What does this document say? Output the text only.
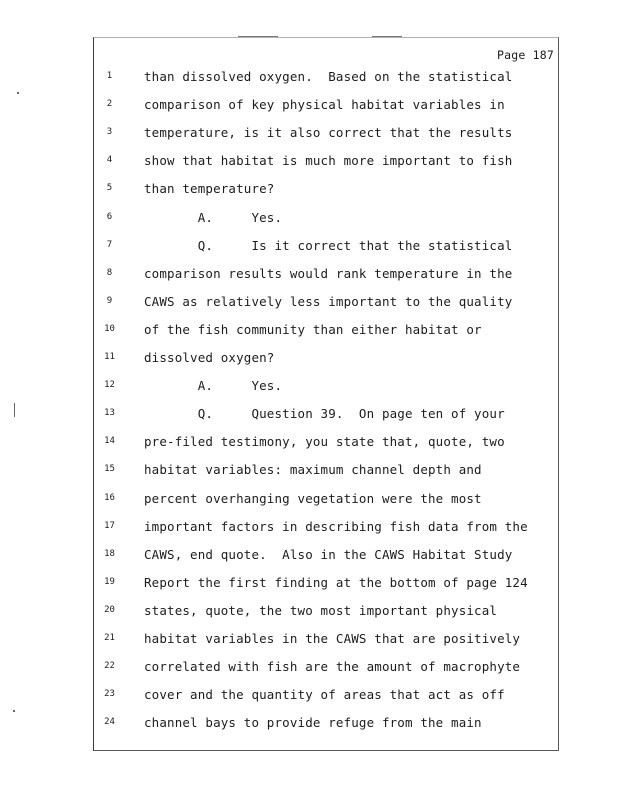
Page 187
1	than dissolved oxygen.  Based on the statistical
2	comparison of key physical habitat variables in
3	temperature, is it also correct that the results
4	show that habitat is much more important to fish
5	than temperature?
6	A.     Yes.
7	Q.     Is it correct that the statistical
8	comparison results would rank temperature in the
9	CAWS as relatively less important to the quality
10	of the fish community than either habitat or
11	dissolved oxygen?
12	A.     Yes.
13	Q.     Question 39.  On page ten of your
14	pre-filed testimony, you state that, quote, two
15	habitat variables: maximum channel depth and
16	percent overhanging vegetation were the most
17	important factors in describing fish data from the
18	CAWS, end quote.  Also in the CAWS Habitat Study
19	Report the first finding at the bottom of page 124
20	states, quote, the two most important physical
21	habitat variables in the CAWS that are positively
22	correlated with fish are the amount of macrophyte
23	cover and the quantity of areas that act as off
24	channel bays to provide refuge from the main
